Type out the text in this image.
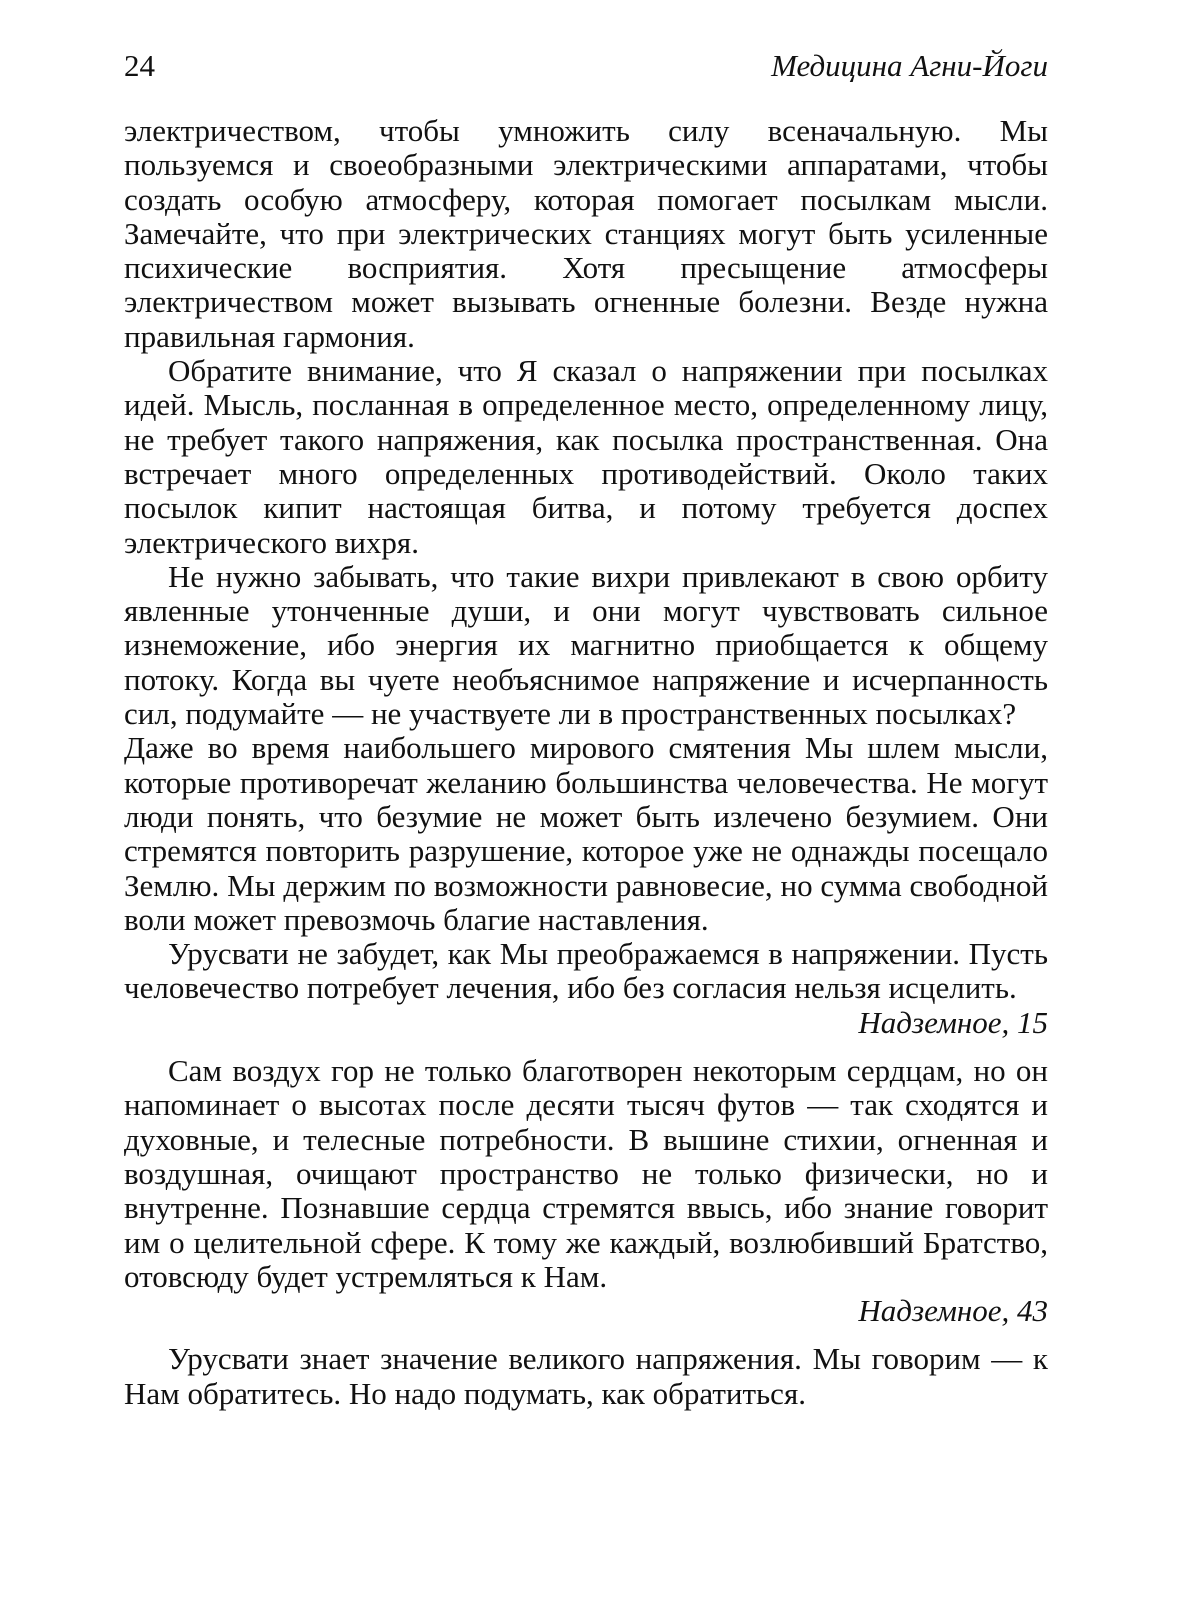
24	Медицина Агни-Йоги

электричеством, чтобы умножить силу всеначальную. Мы пользуемся и своеобразными электрическими аппаратами, чтобы создать особую атмосферу, которая помогает посылкам мысли. Замечайте, что при электрических станциях могут быть усиленные психические восприятия. Хотя пресыщение атмосферы электричеством может вызывать огненные болезни. Везде нужна правильная гармония.

Обратите внимание, что Я сказал о напряжении при посылках идей. Мысль, посланная в определенное место, определенному лицу, не требует такого напряжения, как посылка пространственная. Она встречает много определенных противодействий. Около таких посылок кипит настоящая битва, и потому требуется доспех электрического вихря.

Не нужно забывать, что такие вихри привлекают в свою орбиту явленные утонченные души, и они могут чувствовать сильное изнеможение, ибо энергия их магнитно приобщается к общему потоку. Когда вы чуете необъяснимое напряжение и исчерпанность сил, подумайте — не участвуете ли в пространственных посылках?

Даже во время наибольшего мирового смятения Мы шлем мысли, которые противоречат желанию большинства человечества. Не могут люди понять, что безумие не может быть излечено безумием. Они стремятся повторить разрушение, которое уже не однажды посещало Землю. Мы держим по возможности равновесие, но сумма свободной воли может превозмочь благие наставления.

Урусвати не забудет, как Мы преображаемся в напряжении. Пусть человечество потребует лечения, ибо без согласия нельзя исцелить.

Надземное, 15

Сам воздух гор не только благотворен некоторым сердцам, но он напоминает о высотах после десяти тысяч футов — так сходятся и духовные, и телесные потребности. В вышине стихии, огненная и воздушная, очищают пространство не только физически, но и внутренне. Познавшие сердца стремятся ввысь, ибо знание говорит им о целительной сфере. К тому же каждый, возлюбивший Братство, отовсюду будет устремляться к Нам.

Надземное, 43

Урусвати знает значение великого напряжения. Мы говорим — к Нам обратитесь. Но надо подумать, как обратиться.
